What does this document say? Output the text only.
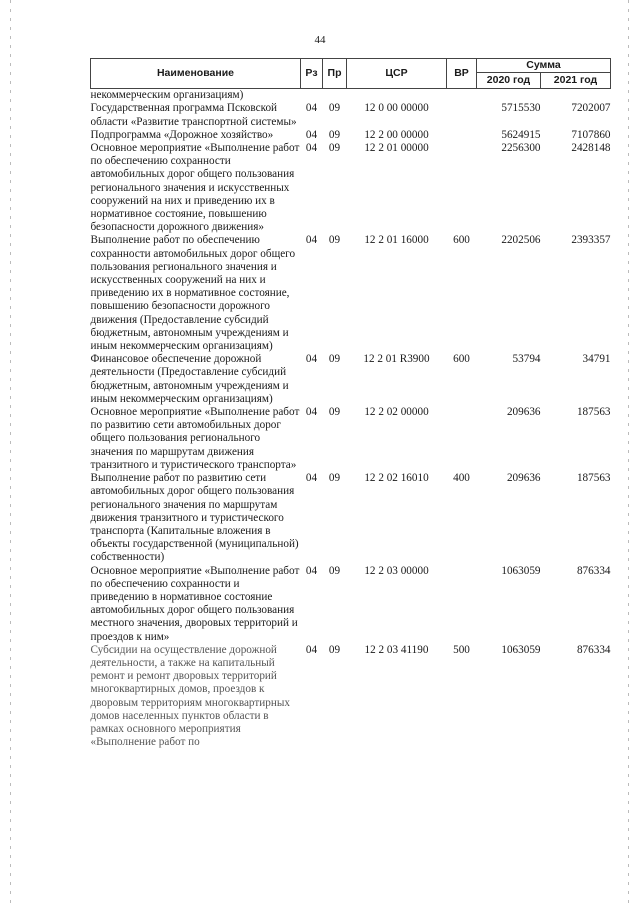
44
Наименование	Рз	Пр	ЦСР	ВР	Сумма	
					2020 год	2021 год
некоммерческим организациям)						
Государственная программа Псковской области «Развитие транспортной системы»	04	09	12 0 00 00000		5715530	7202007
Подпрограмма «Дорожное хозяйство»	04	09	12 2 00 00000		5624915	7107860
Основное мероприятие «Выполнение работ по обеспечению сохранности автомобильных дорог общего пользования регионального значения и искусственных сооружений на них и приведению их в нормативное состояние, повышению безопасности дорожного движения»	04	09	12 2 01 00000		2256300	2428148
Выполнение работ по обеспечению сохранности автомобильных дорог общего пользования регионального значения и искусственных сооружений на них и приведению их в нормативное состояние, повышению безопасности дорожного движения (Предоставление субсидий бюджетным, автономным учреждениям и иным некоммерческим организациям)	04	09	12 2 01 16000	600	2202506	2393357
Финансовое обеспечение дорожной деятельности (Предоставление субсидий бюджетным, автономным учреждениям и иным некоммерческим организациям)	04	09	12 2 01 R3900	600	53794	34791
Основное мероприятие «Выполнение работ по развитию сети автомобильных дорог общего пользования регионального значения по маршрутам движения транзитного и туристического транспорта»	04	09	12 2 02 00000		209636	187563
Выполнение работ по развитию сети автомобильных дорог общего пользования регионального значения по маршрутам движения транзитного и туристического транспорта (Капитальные вложения в объекты государственной (муниципальной) собственности)	04	09	12 2 02 16010	400	209636	187563
Основное мероприятие «Выполнение работ по обеспечению сохранности и приведению в нормативное состояние автомобильных дорог общего пользования местного значения, дворовых территорий и проездов к ним»	04	09	12 2 03 00000		1063059	876334
Субсидии на осуществление дорожной деятельности, а также на капитальный ремонт и ремонт дворовых территорий многоквартирных домов, проездов к дворовым территориям многоквартирных домов населенных пунктов области в рамках основного мероприятия «Выполнение работ по	04	09	12 2 03 41190	500	1063059	876334
